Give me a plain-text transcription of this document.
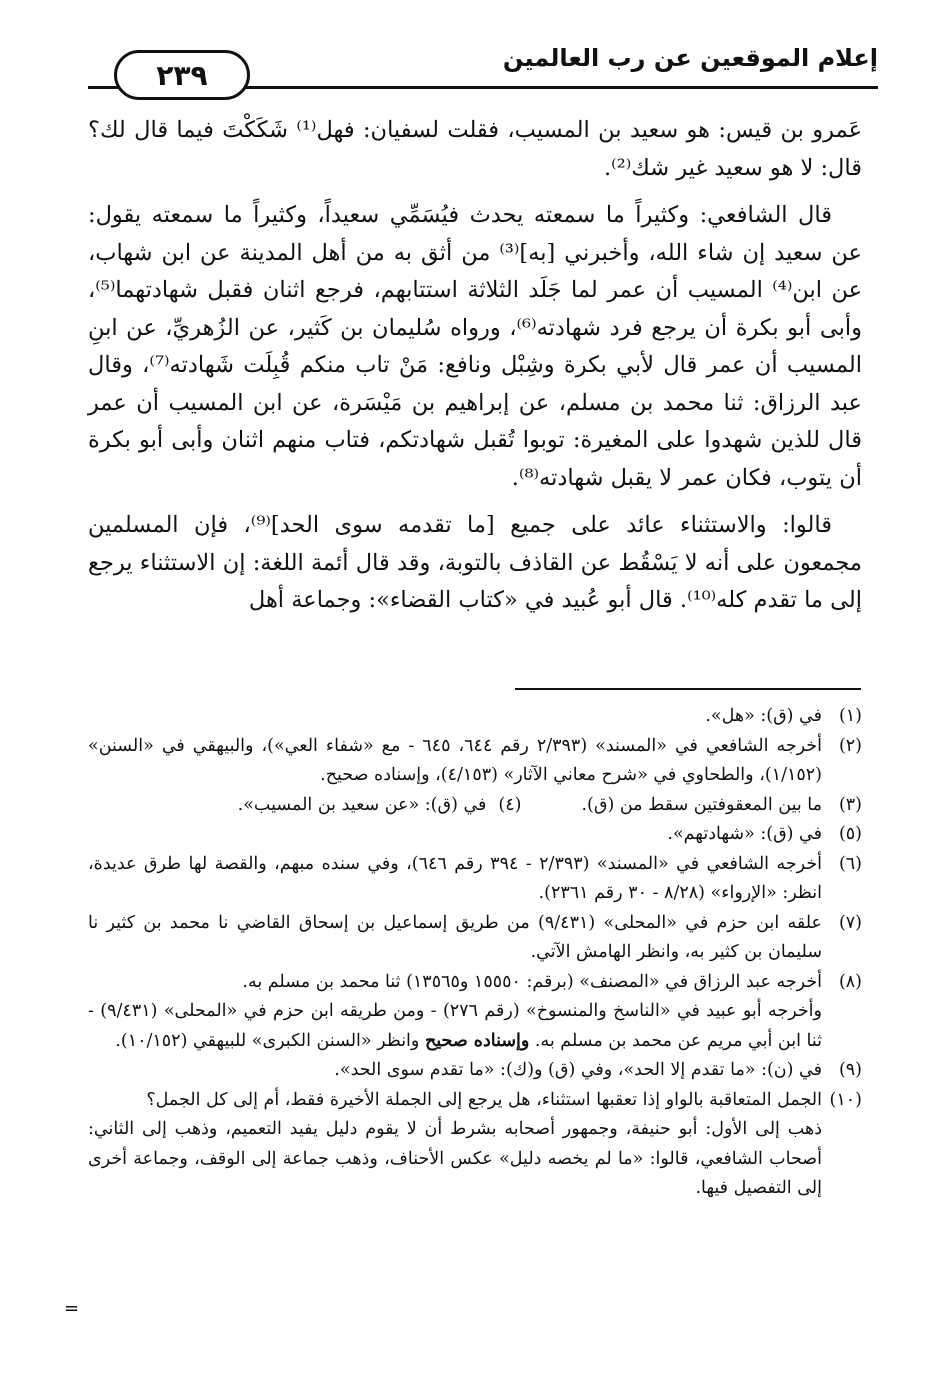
إعلام الموقعين عن رب العالمين
٢٣٩

عَمرو بن قيس: هو سعيد بن المسيب، فقلت لسفيان: فهل⁽¹⁾ شَكَكْتَ فيما قال لك؟ قال: لا هو سعيد غير شك⁽²⁾.

قال الشافعي: وكثيراً ما سمعته يحدث فيُسَمِّي سعيداً، وكثيراً ما سمعته يقول: عن سعيد إن شاء الله، وأخبرني [به]⁽³⁾ من أثق به من أهل المدينة عن ابن شهاب، عن ابن⁽⁴⁾ المسيب أن عمر لما جَلَد الثلاثة استتابهم، فرجع اثنان فقبل شهادتهما⁽⁵⁾، وأبى أبو بكرة أن يرجع فرد شهادته⁽⁶⁾، ورواه سُليمان بن كَثير، عن الزُهريِّ، عن ابنِ المسيب أن عمر قال لأبي بكرة وشِبْل ونافع: مَنْ تاب منكم قُبِلَت شَهادته⁽⁷⁾، وقال عبد الرزاق: ثنا محمد بن مسلم، عن إبراهيم بن مَيْسَرة، عن ابن المسيب أن عمر قال للذين شهدوا على المغيرة: توبوا تُقبل شهادتكم، فتاب منهم اثنان وأبى أبو بكرة أن يتوب، فكان عمر لا يقبل شهادته⁽⁸⁾.

قالوا: والاستثناء عائد على جميع [ما تقدمه سوى الحد]⁽⁹⁾، فإن المسلمين مجمعون على أنه لا يَسْقُط عن القاذف بالتوبة، وقد قال أئمة اللغة: إن الاستثناء يرجع إلى ما تقدم كله⁽¹⁰⁾. قال أبو عُبيد في «كتاب القضاء»: وجماعة أهل

(١)
في (ق): «هل».
(٢)
أخرجه الشافعي في «المسند» (٢/٣٩٣ رقم ٦٤٤، ٦٤٥ - مع «شفاء العي»)، والبيهقي في «السنن» (١/١٥٢)، والطحاوي في «شرح معاني الآثار» (٤/١٥٣)، وإسناده صحيح.
(٣)
ما بين المعقوفتين سقط من (ق).
(٤)
في (ق): «عن سعيد بن المسيب».
(٥)
في (ق): «شهادتهم».
(٦)
أخرجه الشافعي في «المسند» (٢/٣٩٣ - ٣٩٤ رقم ٦٤٦)، وفي سنده مبهم، والقصة لها طرق عديدة، انظر: «الإرواء» (٨/٢٨ - ٣٠ رقم ٢٣٦١).
(٧)
علقه ابن حزم في «المحلى» (٩/٤٣١) من طريق إسماعيل بن إسحاق القاضي نا محمد بن كثير نا سليمان بن كثير به، وانظر الهامش الآتي.
(٨)
أخرجه عبد الرزاق في «المصنف» (برقم: ١٥٥٥٠ و١٣٥٦٥) ثنا محمد بن مسلم به.
وأخرجه أبو عبيد في «الناسخ والمنسوخ» (رقم ٢٧٦) - ومن طريقه ابن حزم في «المحلى» (٩/٤٣١) - ثنا ابن أبي مريم عن محمد بن مسلم به. وإسناده صحيح وانظر «السنن الكبرى» للبيهقي (١٠/١٥٢).
(٩)
في (ن): «ما تقدم إلا الحد»، وفي (ق) و(ك): «ما تقدم سوى الحد».
(١٠)
الجمل المتعاقبة بالواو إذا تعقبها استثناء، هل يرجع إلى الجملة الأخيرة فقط، أم إلى كل الجمل؟
ذهب إلى الأول: أبو حنيفة، وجمهور أصحابه بشرط أن لا يقوم دليل يفيد التعميم، وذهب إلى الثاني: أصحاب الشافعي، قالوا: «ما لم يخصه دليل» عكس الأحناف، وذهب جماعة إلى الوقف، وجماعة أخرى إلى التفصيل فيها.
=
